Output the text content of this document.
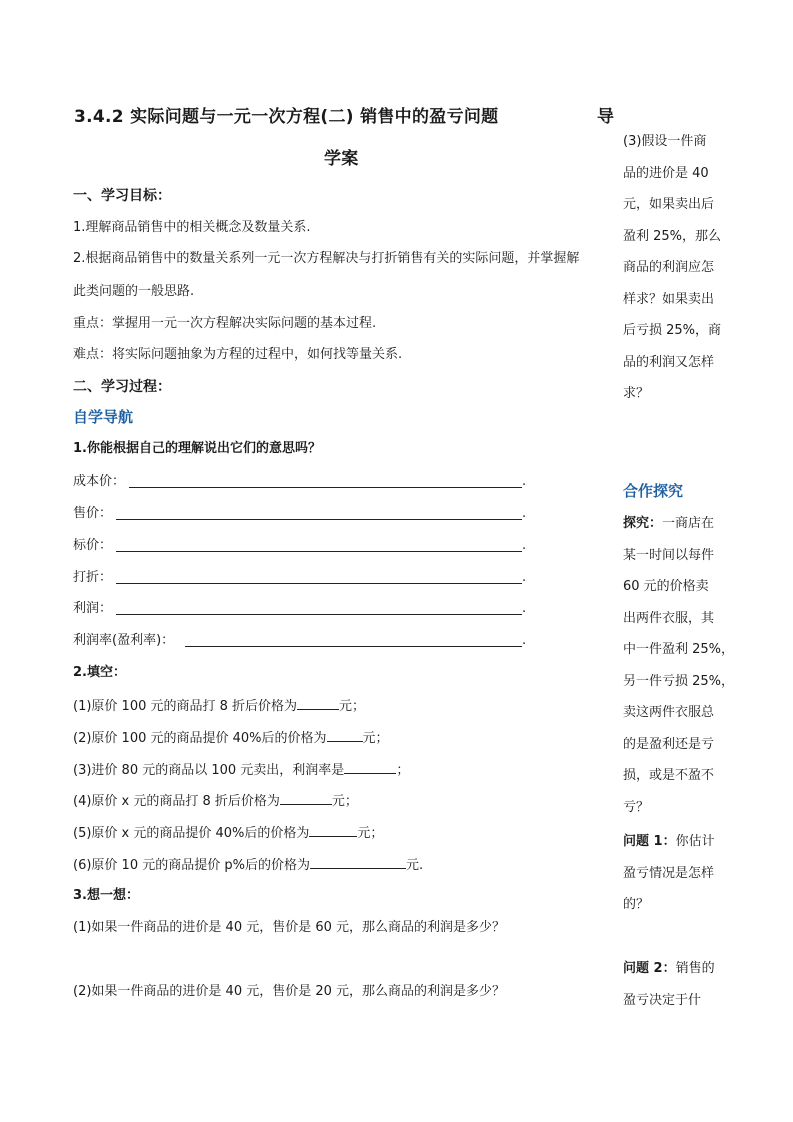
3.4.2 实际问题与一元一次方程(二) 销售中的盈亏问题	导
学案
一、学习目标：
1.理解商品销售中的相关概念及数量关系.
2.根据商品销售中的数量关系列一元一次方程解决与打折销售有关的实际问题，并掌握解
此类问题的一般思路.
重点：掌握用一元一次方程解决实际问题的基本过程.
难点：将实际问题抽象为方程的过程中，如何找等量关系.
二、学习过程：
自学导航
1.你能根据自己的理解说出它们的意思吗？
成本价：	.
售价：	.
标价：	.
打折：	.
利润：	.
利润率(盈利率)：	.
2.填空：
(1)原价 100 元的商品打 8 折后价格为	元；
(2)原价 100 元的商品提价 40%后的价格为	元；
(3)进价 80 元的商品以 100 元卖出，利润率是	；
(4)原价 x 元的商品打 8 折后价格为	元；
(5)原价 x 元的商品提价 40%后的价格为	元；
(6)原价 10 元的商品提价 p%后的价格为	元.
3.想一想：
(1)如果一件商品的进价是 40 元，售价是 60 元，那么商品的利润是多少？
(2)如果一件商品的进价是 40 元，售价是 20 元，那么商品的利润是多少？
(3)假设一件商
品的进价是 40
元，如果卖出后
盈利 25%，那么
商品的利润应怎
样求？如果卖出
后亏损 25%，商
品的利润又怎样
求？
合作探究
探究：一商店在
某一时间以每件
60 元的价格卖
出两件衣服，其
中一件盈利 25%，
另一件亏损 25%，
卖这两件衣服总
的是盈利还是亏
损，或是不盈不
亏？
问题 1：你估计
盈亏情况是怎样
的？
问题 2：销售的
盈亏决定于什
